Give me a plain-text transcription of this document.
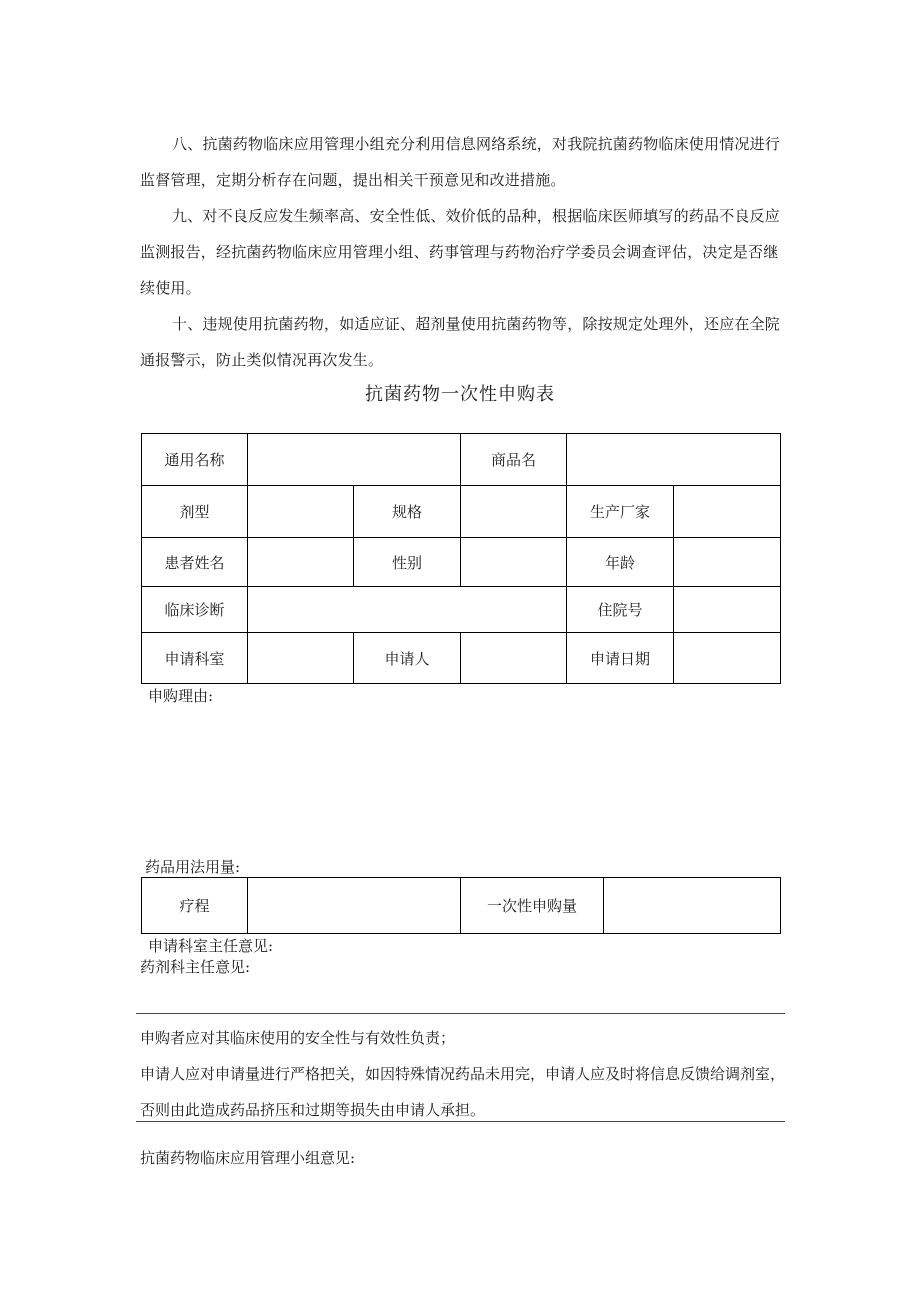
八、抗菌药物临床应用管理小组充分利用信息网络系统，对我院抗菌药物临床使用情况进行监督管理，定期分析存在问题，提出相关干预意见和改进措施。

九、对不良反应发生频率高、安全性低、效价低的品种，根据临床医师填写的药品不良反应监测报告，经抗菌药物临床应用管理小组、药事管理与药物治疗学委员会调查评估，决定是否继续使用。

十、违规使用抗菌药物，如适应证、超剂量使用抗菌药物等，除按规定处理外，还应在全院通报警示，防止类似情况再次发生。

抗菌药物一次性申购表
通用名称			商品名		
剂型		规格		生产厂家	
患者姓名		性别		年龄	
临床诊断				住院号	
申请科室		申请人		申请日期	

申购理由:

药品用法用量:

疗程		一次性申购量	

申请科室主任意见:

药剂科主任意见:

申购者应对其临床使用的安全性与有效性负责；

申请人应对申请量进行严格把关，如因特殊情况药品未用完，申请人应及时将信息反馈给调剂室，否则由此造成药品挤压和过期等损失由申请人承担。

抗菌药物临床应用管理小组意见:
